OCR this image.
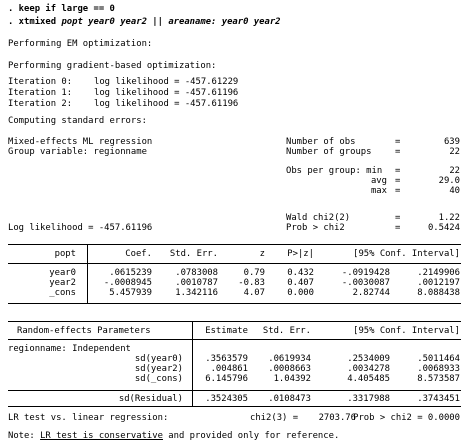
. keep if large == 0
. xtmixed popt year0 year2 || areaname: year0 year2
Performing EM optimization:
Performing gradient-based optimization:
Iteration 0: log likelihood = -457.61229
Iteration 1: log likelihood = -457.61196
Iteration 2: log likelihood = -457.61196
Computing standard errors:
Mixed-effects ML regression
Group variable: regionname
Number of obs	=	639
Number of groups	=	22
Obs per group: min =	22
avg =	29.0
max =	40
Wald chi2(2)	=	1.22
Log likelihood = -457.61196	Prob > chi2	=	0.5424
popt	Coef.	Std. Err.	z	P>|z|	[95% Conf. Interval]
year0	.0615239	.0783008	0.79	0.432	-.0919428	.2149906
year2	-.0008945	.0010787	-0.83	0.407	-.0030087	.0012197
_cons	5.457939	1.342116	4.07	0.000	2.82744	8.088438
Random-effects Parameters	Estimate	Std. Err.	[95% Conf. Interval]
regionname: Independent
sd(year0)	.3563579	.0619934	.2534009	.5011464
sd(year2)	.004861	.0008663	.0034278	.0068933
sd(_cons)	6.145796	1.04392	4.405485	8.573587
sd(Residual)	.3524305	.0108473	.3317988	.3743451
LR test vs. linear regression:	chi2(3) =	2703.76
Prob > chi2 = 0.0000
Note: LR test is conservative and provided only for reference.
